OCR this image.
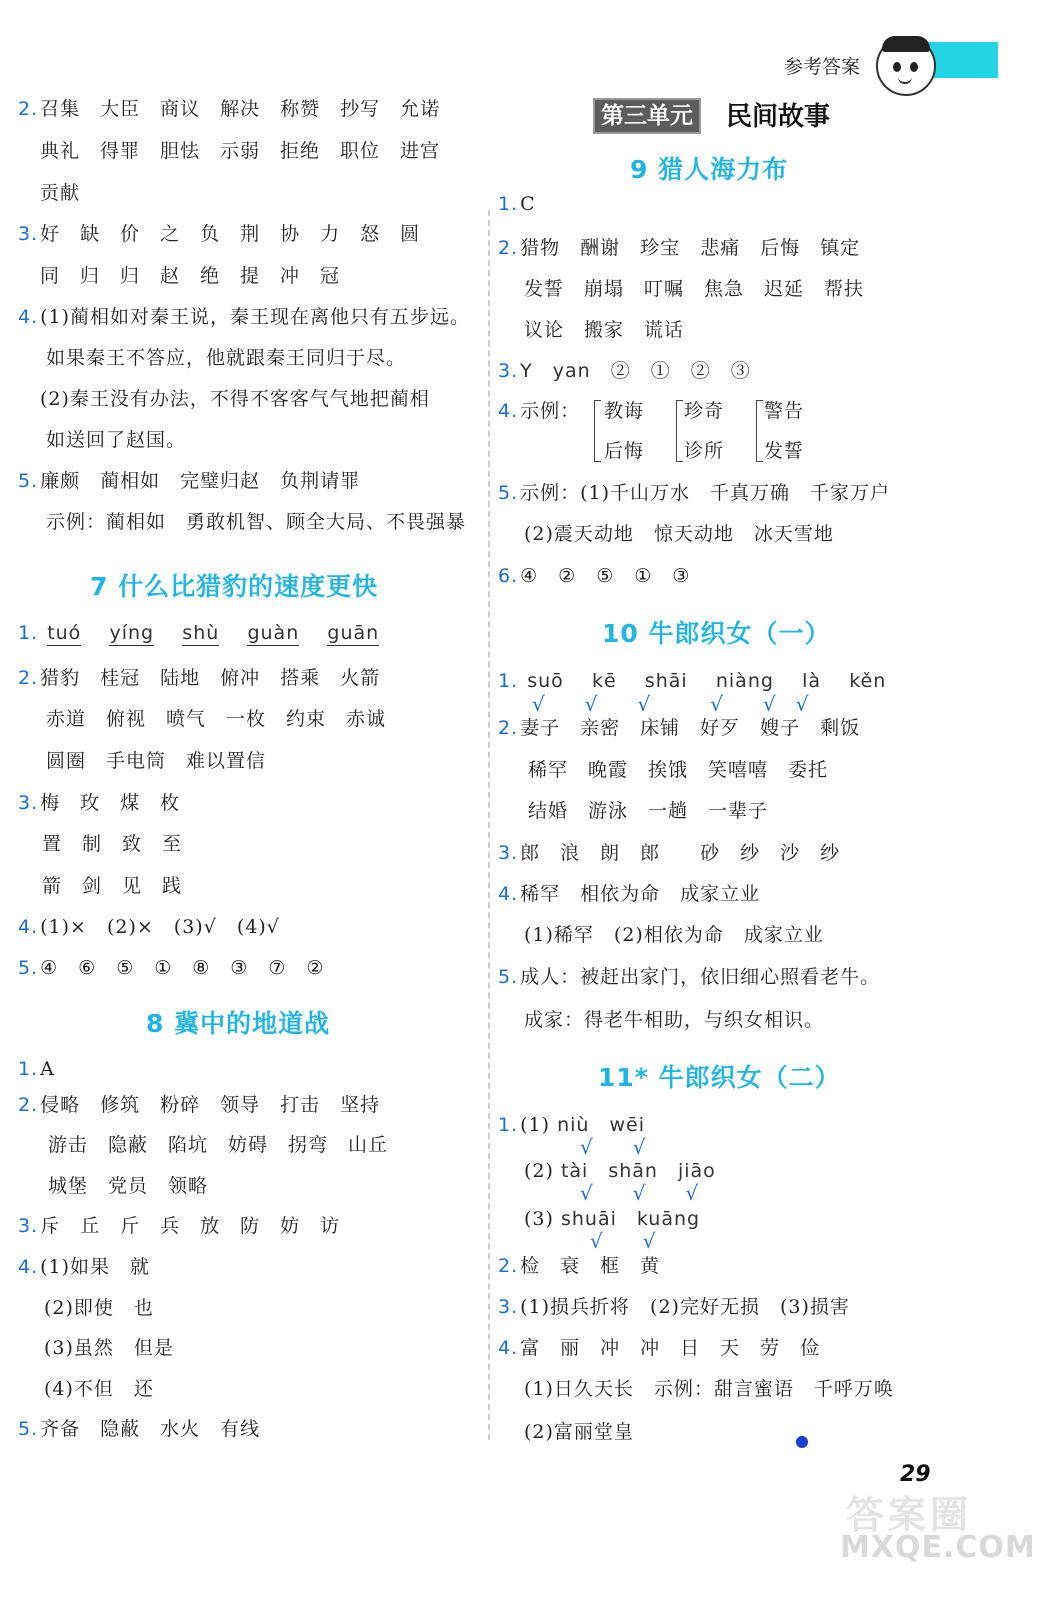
参考答案
2. 召集　大臣　商议　解决　称赞　抄写　允诺
典礼　得罪　胆怯　示弱　拒绝　职位　进宫
贡献
3. 好　缺　价　之　负　荆　协　力　怒　圆
同　归　归　赵　绝　提　冲　冠
4. (1)蔺相如对秦王说，秦王现在离他只有五步远。
如果秦王不答应，他就跟秦王同归于尽。
(2)秦王没有办法，不得不客客气气地把蔺相
如送回了赵国。
5. 廉颇　蔺相如　完璧归赵　负荆请罪
示例：蔺相如　勇敢机智、顾全大局、不畏强暴
7 什么比猎豹的速度更快
1. tuó yíng shù guàn guān
2. 猎豹　桂冠　陆地　俯冲　搭乘　火箭
赤道　俯视　喷气　一枚　约束　赤诚
圆圈　手电筒　难以置信
3. 梅　玫　煤　枚
置　制　致　至
箭　剑　见　践
4. (1)×　(2)×　(3)√　(4)√
5. ④　⑥　⑤　①　⑧　③　⑦　②
8 冀中的地道战
1. A
2. 侵略　修筑　粉碎　领导　打击　坚持
游击　隐蔽　陷坑　妨碍　拐弯　山丘
城堡　党员　领略
3. 斥　丘　斤　兵　放　防　妨　访
4. (1)如果　就
(2)即使　也
(3)虽然　但是
(4)不但　还
5. 齐备　隐蔽　水火　有线
第三单元	民间故事
9 猎人海力布
1. C
2. 猎物　酬谢　珍宝　悲痛　后悔　镇定
发誓　崩塌　叮嘱　焦急　迟延　帮扶
议论　搬家　谎话
3. Y　yan　②　①　②　③
4. 示例： 教诲 珍奇 警告
后悔 诊所 发誓
5. 示例：(1)千山万水　千真万确　千家万户
(2)震天动地　惊天动地　冰天雪地
6. ④　②　⑤　①　③
10 牛郎织女（一）
1. suō kē shāi niàng là kěn
√　　√　　√　　　√　　√　√
2. 妻子　亲密　床铺　好歹　嫂子　剩饭
稀罕　晚霞　挨饿　笑嘻嘻　委托
结婚　游泳　一趟　一辈子
3. 郎　浪　朗　郎　　砂　纱　沙　纱
4. 稀罕　相依为命　成家立业
(1)稀罕　(2)相依为命　成家立业
5. 成人：被赶出家门，依旧细心照看老牛。
成家：得老牛相助，与织女相识。
11* 牛郎织女（二）
1. (1) niù　wēi
√　　√
(2) tài　shān　jiāo
√　　√　　√
(3) shuāi　kuāng
√　　√
2. 检　衰　框　黄
3. (1)损兵折将　(2)完好无损　(3)损害
4. 富　丽　冲　冲　日　天　劳　俭
(1)日久天长　示例：甜言蜜语　千呼万唤
(2)富丽堂皇
29
答案圈
MXQE.COM
